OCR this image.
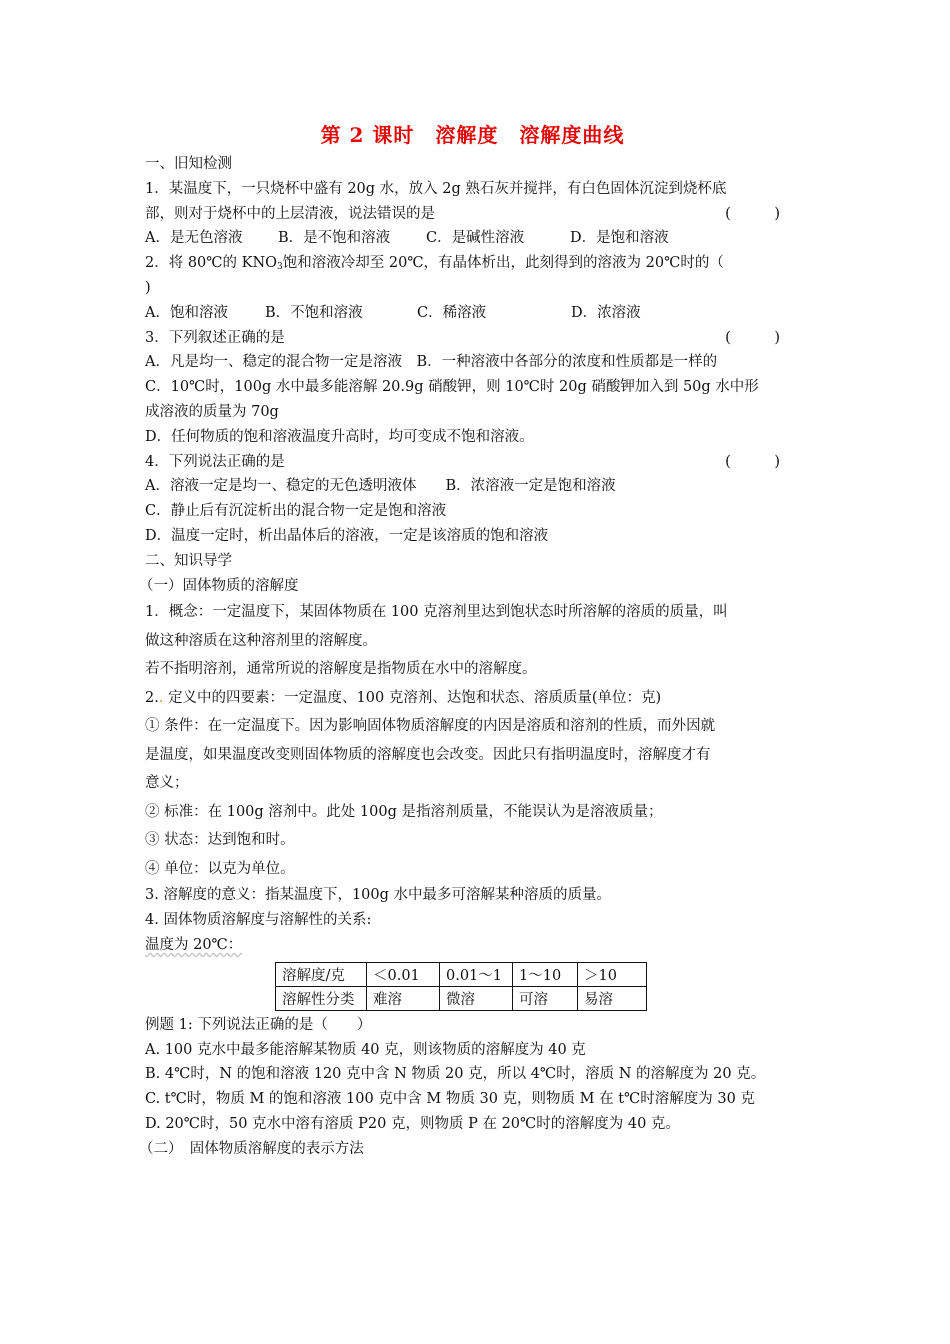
第 2 课时　溶解度　溶解度曲线
一、旧知检测
1．某温度下，一只烧杯中盛有 20g 水，放入 2g 熟石灰并搅拌，有白色固体沉淀到烧杯底
部，则对于烧杯中的上层清液，说法错误的是	(　　　)
A．是无色溶液 B．是不饱和溶液 C．是碱性溶液	D．是饱和溶液
2．将 80℃的 $KNO_3$饱和溶液冷却至 20℃，有晶体析出，此刻得到的溶液为 20℃时的（
)
A．饱和溶液	B．不饱和溶液	C．稀溶液	D．浓溶液
3．下列叙述正确的是	(　　　)
A．凡是均一、稳定的混合物一定是溶液　B．一种溶液中各部分的浓度和性质都是一样的
C．10℃时，100g 水中最多能溶解 20.9g 硝酸钾，则 10℃时 20g 硝酸钾加入到 50g 水中形
成溶液的质量为 70g
D．任何物质的饱和溶液温度升高时，均可变成不饱和溶液。
4．下列说法正确的是	(　　　)
A．溶液一定是均一、稳定的无色透明液体　　B．浓溶液一定是饱和溶液
C．静止后有沉淀析出的混合物一定是饱和溶液
D．温度一定时，析出晶体后的溶液，一定是该溶质的饱和溶液
二、知识导学
（一）固体物质的溶解度
1．概念：一定温度下，某固体物质在 100 克溶剂里达到饱状态时所溶解的溶质的质量，叫
做这种溶质在这种溶剂里的溶解度。
若不指明溶剂，通常所说的溶解度是指物质在水中的溶解度。
2.. 定义中的四要素：一定温度、100 克溶剂、达饱和状态、溶质质量(单位：克)
① 条件：在一定温度下。因为影响固体物质溶解度的内因是溶质和溶剂的性质，而外因就
是温度，如果温度改变则固体物质的溶解度也会改变。因此只有指明温度时，溶解度才有
意义；
② 标准：在 100g 溶剂中。此处 100g 是指溶剂质量，不能误认为是溶液质量；
③ 状态：达到饱和时。
④ 单位：以克为单位。
3. 溶解度的意义：指某温度下，100g 水中最多可溶解某种溶质的质量。
4. 固体物质溶解度与溶解性的关系:
温度为 20℃：
溶解度/克	＜0.01	0.01～1	1～10	＞10
溶解性分类	难溶	微溶	可溶	易溶
例题 1: 下列说法正确的是（　　）
A. 100 克水中最多能溶解某物质 40 克，则该物质的溶解度为 40 克
B. 4℃时，N 的饱和溶液 120 克中含 N 物质 20 克，所以 4℃时，溶质 N 的溶解度为 20 克。
C. t℃时，物质 M 的饱和溶液 100 克中含 M 物质 30 克，则物质 M 在 t℃时溶解度为 30 克
D. 20℃时，50 克水中溶有溶质 P20 克，则物质 P 在 20℃时的溶解度为 40 克。
（二）　固体物质溶解度的表示方法
